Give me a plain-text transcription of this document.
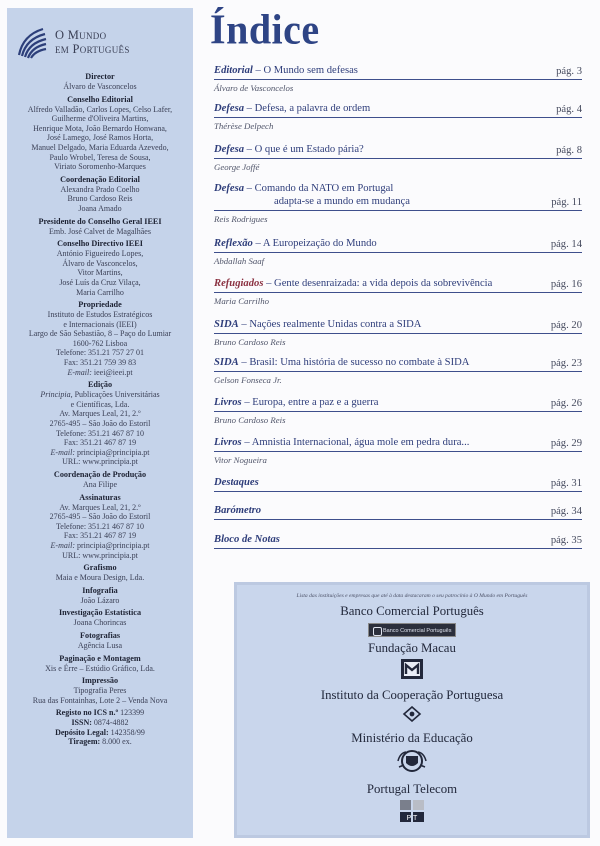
O Mundo
em Português
Director
Álvaro de Vasconcelos
Conselho Editorial
Alfredo Valladão, Carlos Lopes, Celso Lafer,
Guilherme d'Oliveira Martins,
Henrique Mota, João Bernardo Honwana,
José Lamego, José Ramos Horta,
Manuel Delgado, Maria Eduarda Azevedo,
Paulo Wrobel, Teresa de Sousa,
Viriato Soromenho-Marques
Coordenação Editorial
Alexandra Prado Coelho
Bruno Cardoso Reis
Joana Amado
Presidente do Conselho Geral IEEI
Emb. José Calvet de Magalhães
Conselho Directivo IEEI
António Figueiredo Lopes,
Álvaro de Vasconcelos,
Vitor Martins,
José Luís da Cruz Vilaça,
Maria Carrilho
Propriedade
Instituto de Estudos Estratégicos
e Internacionais (IEEI)
Largo de São Sebastião, 8 – Paço do Lumiar
1600-762 Lisboa
Telefone: 351.21 757 27 01
Fax: 351.21 759 39 83
E-mail: ieei@ieei.pt
Edição
Principia, Publicações Universitárias
e Científicas, Lda.
Av. Marques Leal, 21, 2.º
2765-495 – São João do Estoril
Telefone: 351.21 467 87 10
Fax: 351.21 467 87 19
E-mail: principia@principia.pt
URL: www.principia.pt
Coordenação de Produção
Ana Filipe
Assinaturas
Av. Marques Leal, 21, 2.º
2765-495 – São João do Estoril
Telefone: 351.21 467 87 10
Fax: 351.21 467 87 19
E-mail: principia@principia.pt
URL: www.principia.pt
Grafismo
Maia e Moura Design, Lda.
Infografia
João Lázaro
Investigação Estatística
Joana Chorincas
Fotografias
Agência Lusa
Paginação e Montagem
Xis e Érre – Estúdio Gráfico, Lda.
Impressão
Tipografia Peres
Rua das Fontainhas, Lote 2 – Venda Nova
Registo no ICS n.º 123399
ISSN: 0874-4882
Depósito Legal: 142358/99
Tiragem: 8.000 ex.
Índice
Editorial – O Mundo sem defesas	pág. 3
Álvaro de Vasconcelos
Defesa – Defesa, a palavra de ordem	pág. 4
Thérèse Delpech
Defesa – O que é um Estado pária?	pág. 8
George Joffé
Defesa – Comando da NATO em Portugal
adapta-se a mundo em mudança	pág. 11
Reis Rodrigues
Reflexão – A Europeização do Mundo	pág. 14
Abdallah Saaf
Refugiados – Gente desenraizada: a vida depois da sobrevivência	pág. 16
Maria Carrilho
SIDA – Nações realmente Unidas contra a SIDA	pág. 20
Bruno Cardoso Reis
SIDA – Brasil: Uma história de sucesso no combate à SIDA	pág. 23
Gelson Fonseca Jr.
Livros – Europa, entre a paz e a guerra	pág. 26
Bruno Cardoso Reis
Livros – Amnistia Internacional, água mole em pedra dura...	pág. 29
Vitor Nogueira
Destaques	pág. 31
Barómetro	pág. 34
Bloco de Notas	pág. 35
Lista das instituições e empresas que até à data destacaram o seu patrocínio à O Mundo em Português
Banco Comercial Português
Banco Comercial Português
Fundação Macau
Instituto da Cooperação Portuguesa
Ministério da Educação
Portugal Telecom
P T
